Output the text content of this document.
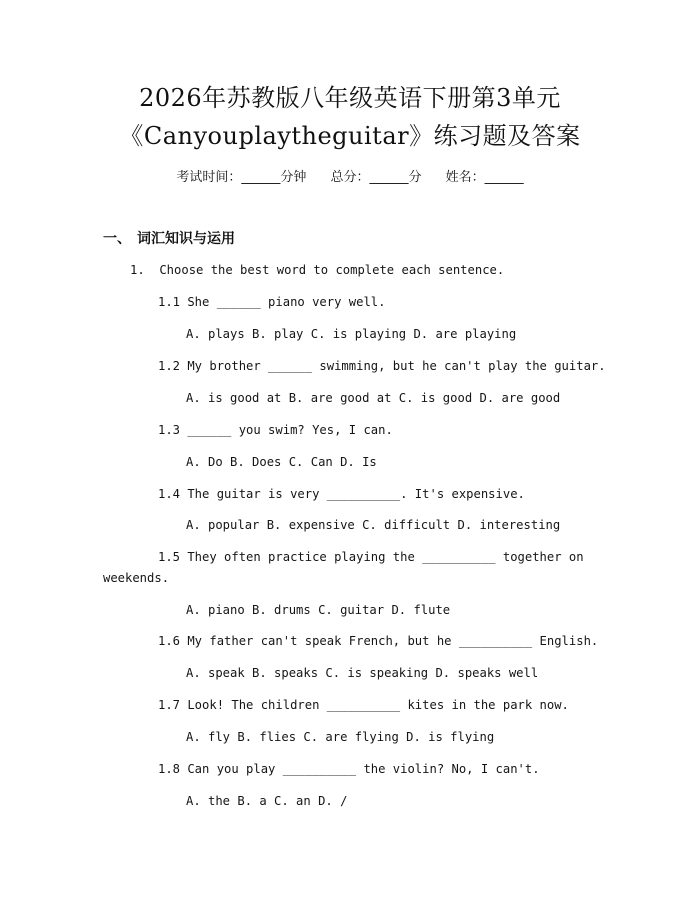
2026年苏教版八年级英语下册第3单元
《Canyouplaytheguitar》练习题及答案
考试时间：______分钟 总分：______分 姓名：______
一、 词汇知识与运用
1.  Choose the best word to complete each sentence.
1.1 She ______ piano very well.
A. plays B. play C. is playing D. are playing
1.2 My brother ______ swimming, but he can't play the guitar.
A. is good at B. are good at C. is good D. are good
1.3 ______ you swim? Yes, I can.
A. Do B. Does C. Can D. Is
1.4 The guitar is very __________. It's expensive.
A. popular B. expensive C. difficult D. interesting
1.5 They often practice playing the __________ together on
weekends.
A. piano B. drums C. guitar D. flute
1.6 My father can't speak French, but he __________ English.
A. speak B. speaks C. is speaking D. speaks well
1.7 Look! The children __________ kites in the park now.
A. fly B. flies C. are flying D. is flying
1.8 Can you play __________ the violin? No, I can't.
A. the B. a C. an D. /
